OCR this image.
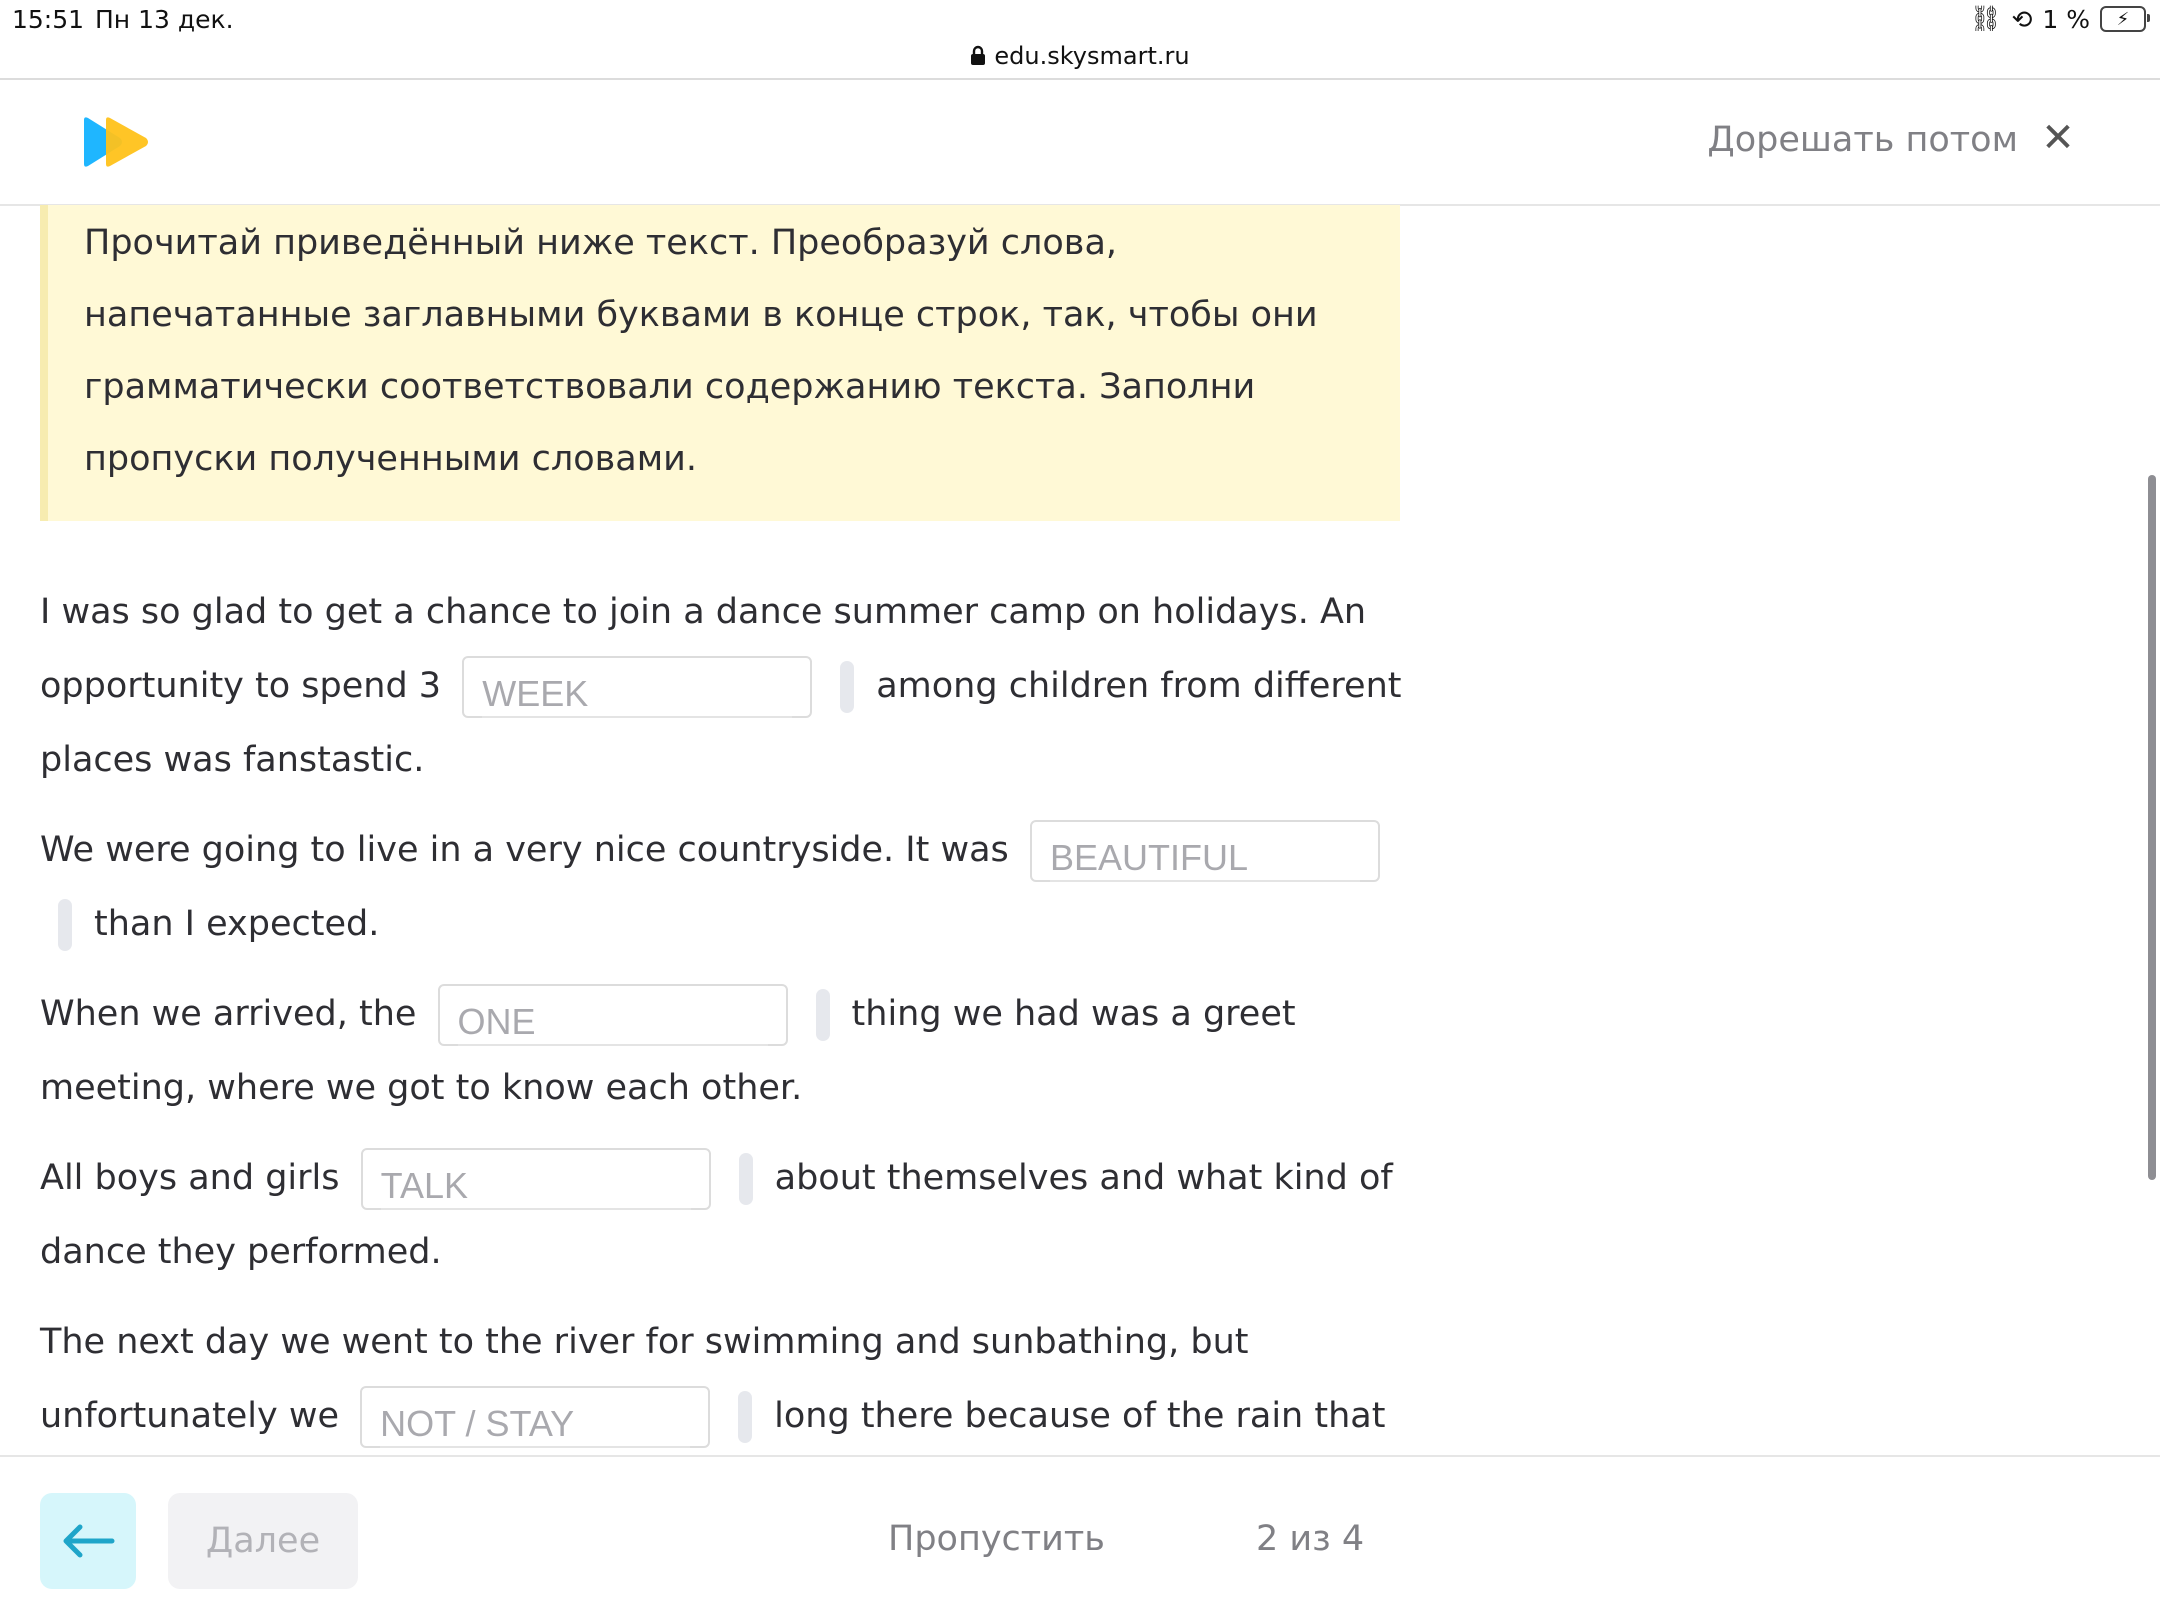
15:51 Пн 13 дек.	⛓ ⟲ 1 %	⚡
edu.skysmart.ru
Дорешать потом ✕

Прочитай приведённый ниже текст. Преобразуй слова, напечатанные заглавными буквами в конце строк, так, чтобы они грамматически соответствовали содержанию текста. Заполни пропуски полученными словами.

I was so glad to get a chance to join a dance summer camp on holidays. An opportunity to spend 3 WEEK	among children from different places was fanstastic.

We were going to live in a very nice countryside. It was BEAUTIFULthan I expected.

When we arrived, the ONE	thing we had was a greet meeting, where we got to know each other.

All boys and girls TALK	about themselves and what kind of dance they performed.

The next day we went to the river for swimming and sunbathing, but unfortunately we NOT / STAY	long there because of the rain that

Далее	Пропустить	2 из 4
